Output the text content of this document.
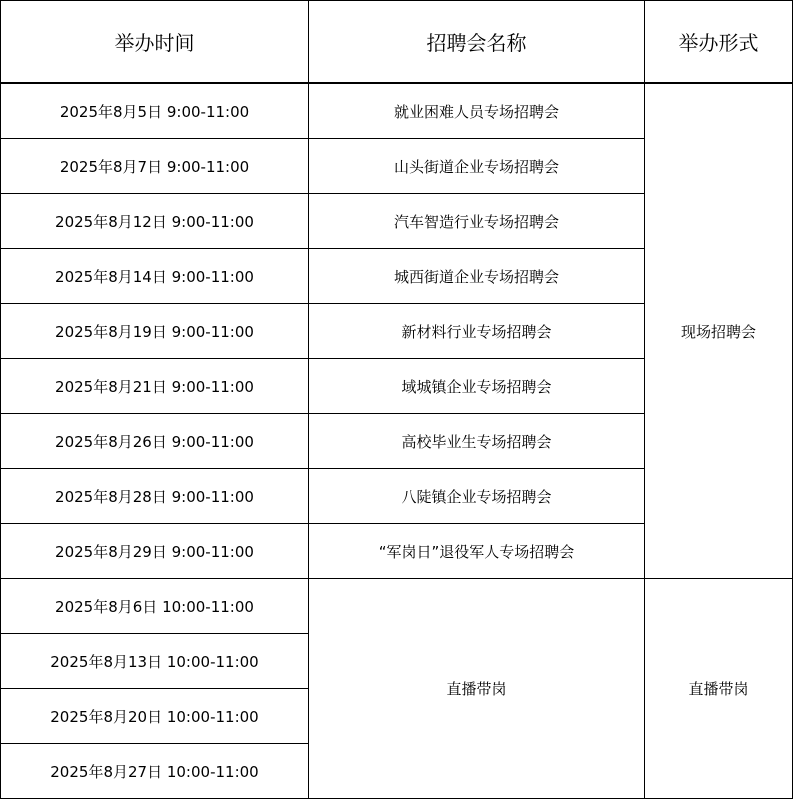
举办时间	招聘会名称	举办形式
2025年8月5日 9:00-11:00	就业困难人员专场招聘会	现场招聘会
2025年8月7日 9:00-11:00	山头街道企业专场招聘会	
2025年8月12日 9:00-11:00	汽车智造行业专场招聘会	
2025年8月14日 9:00-11:00	城西街道企业专场招聘会	
2025年8月19日 9:00-11:00	新材料行业专场招聘会	
2025年8月21日 9:00-11:00	域城镇企业专场招聘会	
2025年8月26日 9:00-11:00	高校毕业生专场招聘会	
2025年8月28日 9:00-11:00	八陡镇企业专场招聘会	
2025年8月29日 9:00-11:00	“军岗日”退役军人专场招聘会	
2025年8月6日 10:00-11:00	直播带岗	直播带岗
2025年8月13日 10:00-11:00		
2025年8月20日 10:00-11:00		
2025年8月27日 10:00-11:00		
